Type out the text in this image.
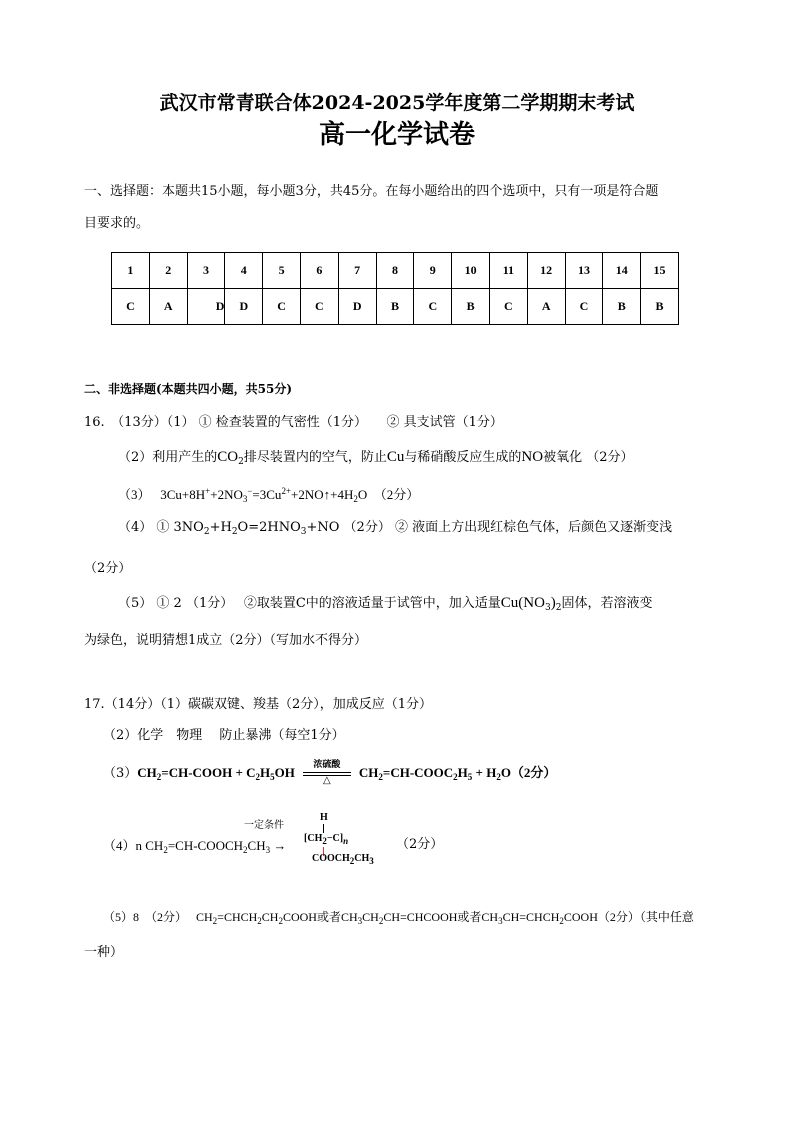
武汉市常青联合体2024-2025学年度第二学期期末考试
高一化学试卷
一、选择题：本题共15小题，每小题3分，共45分。在每小题给出的四个选项中，只有一项是符合题
目要求的。
1	2	3	4	5	6	7	8	9	10	11	12	13	14	15
C	A	D	D	C	C	D	B	C	B	C	A	C	B	B
二、非选择题(本题共四小题，共55分)
16.　（13分）（1） ① 检查装置的气密性（1分）　　② 具支试管（1分）
（2）利用产生的$CO_2$排尽装置内的空气，防止Cu与稀硝酸反应生成的NO被氧化 （2分）
（3）　 $3Cu+8H^++2NO_3^-=3Cu^{2+}+2NO↑+4H_2O$　（2分）
（4） ① $3NO_2+H_2O=2HNO_3+NO$ （2分） ② 液面上方出现红棕色气体，后颜色又逐渐变浅
（2分）
（5） ① 2 （1分）　 ②取装置C中的溶液适量于试管中，加入适量$Cu(NO_3)_2$固体，若溶液变
为绿色，说明猜想1成立（2分）（写加水不得分）
17.（14分）（1）碳碳双键、羧基（2分），加成反应（1分）
（2）化学　物理　 防止暴沸（每空1分）
$(3)CH_2=CH$-COOH + $C_2H_5OH$
浓硫酸
△	$CH_2=CH-COOC_2H_5 + H_2O(2$分）
（4）n $CH_2=CH-COOCH_2CH_3$ →
一定条件
H
$[CH_2-C]_n$
$COOCH_2CH_3$
（2分）
（5）8　（2分）　 $CH_2=CHCH_2CH_2COOH$或者$CH_3CH_2CH=CHCOOH$或者$CH_3CH=CHCH_2COOH(2$分）（其中任意
一种）
